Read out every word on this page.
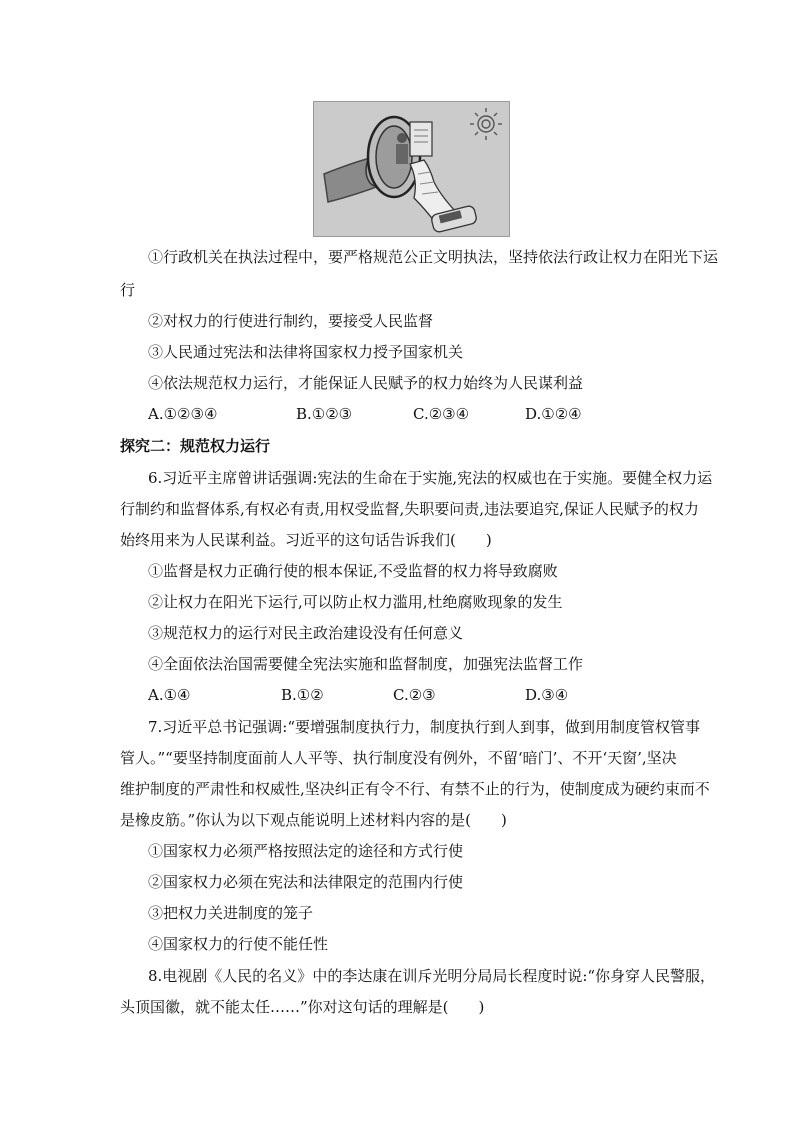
①行政机关在执法过程中，要严格规范公正文明执法，坚持依法行政让权力在阳光下运
行
②对权力的行使进行制约，要接受人民监督
③人民通过宪法和法律将国家权力授予国家机关
④依法规范权力运行，才能保证人民赋予的权力始终为人民谋利益
A.①②③④	B.①②③	C.②③④	D.①②④
探究二：规范权力运行
6.习近平主席曾讲话强调:宪法的生命在于实施,宪法的权威也在于实施。要健全权力运
行制约和监督体系,有权必有责,用权受监督,失职要问责,违法要追究,保证人民赋予的权力
始终用来为人民谋利益。习近平的这句话告诉我们(　　)
①监督是权力正确行使的根本保证,不受监督的权力将导致腐败
②让权力在阳光下运行,可以防止权力滥用,杜绝腐败现象的发生
③规范权力的运行对民主政治建设没有任何意义
④全面依法治国需要健全宪法实施和监督制度，加强宪法监督工作
A.①④	B.①②	C.②③	D.③④
7.习近平总书记强调:“要增强制度执行力，制度执行到人到事，做到用制度管权管事
管人。”“要坚持制度面前人人平等、执行制度没有例外，不留‘暗门’、不开‘天窗’,坚决
维护制度的严肃性和权威性,坚决纠正有令不行、有禁不止的行为，使制度成为硬约束而不
是橡皮筋。”你认为以下观点能说明上述材料内容的是(　　)
①国家权力必须严格按照法定的途径和方式行使
②国家权力必须在宪法和法律限定的范围内行使
③把权力关进制度的笼子
④国家权力的行使不能任性
8.电视剧《人民的名义》中的李达康在训斥光明分局局长程度时说:“你身穿人民警服，
头顶国徽，就不能太任……”你对这句话的理解是(　　)
